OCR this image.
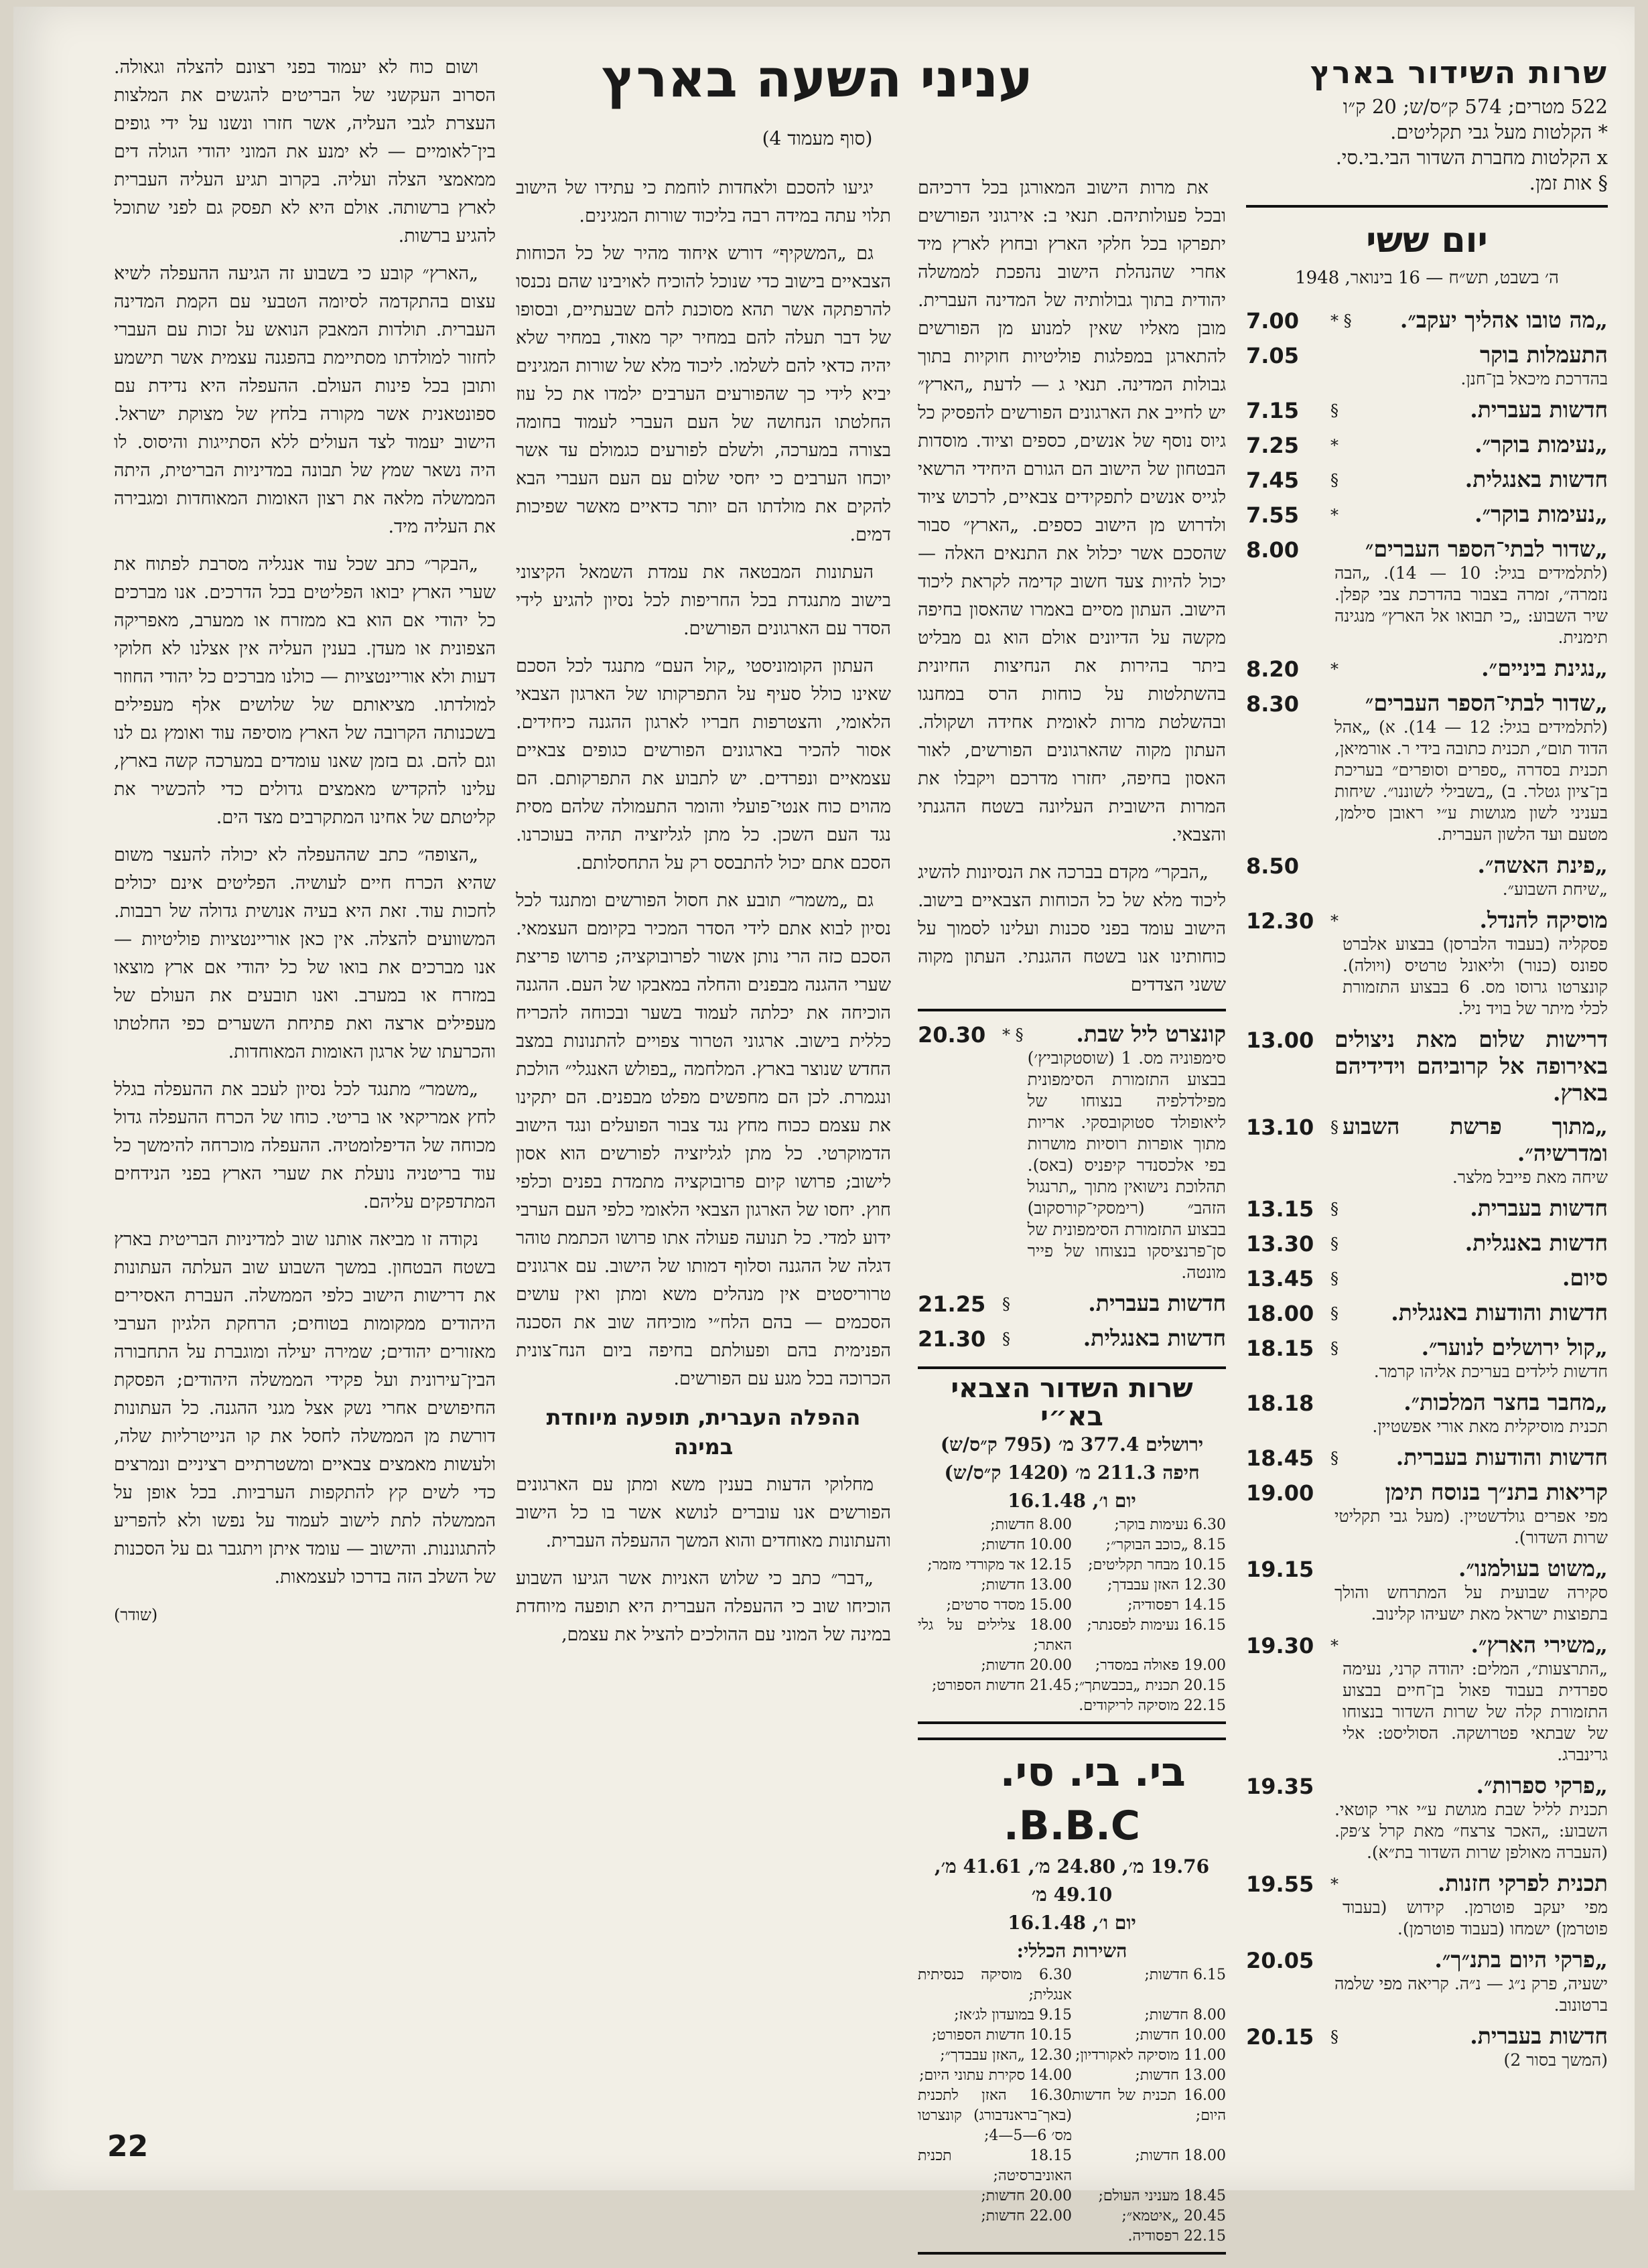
שרות השידור בארץ
522 מטרים; 574 ק״ס/ש; 20 ק״ו
* הקלטות מעל גבי תקליטים.
x הקלטות מחברת השדור הבי.בי.סי.
§ אות זמן.
יום ששי
ה׳ בשבט, תש״ח — 16 בינואר, 1948
„מה טובו אהליך יעקב״.
§ *
7.00
התעמלות בוקר
בהדרכת מיכאל בן־חנן.
7.05
חדשות בעברית.
§
7.15
„נעימות בוקר״.
*
7.25
חדשות באנגלית.
§
7.45
„נעימות בוקר״.
*
7.55
„שדור לבתי־הספר העברים״
(לתלמידים בגיל: 10 — 14). „הבה נזמרה״, זמרה בצבור בהדרכת צבי קפלן. שיר השבוע: „כי תבואו אל הארץ״ מנגינה תימנית.
8.00
„נגינת ביניים״.
*
8.20
„שדור לבתי־הספר העברים״
(לתלמידים בגיל: 12 — 14). א) „אהל הדוד תום״, תכנית כתובה בידי ר. אורמיאן, תכנית בסדרה „ספרים וסופרים״ בעריכת בן־ציון גטלר. ב) „בשבילי לשוננו״. שיחות בעניני לשון מגושות ע״י ראובן סילמן, מטעם ועד הלשון העברית.
8.30
„פינת האשה״.
„שיחת השבוע״.
8.50
מוסיקה להנדל.
פסקליה (בעבוד הלברסן) בבצוע אלברט ספונס (כנור) וליאונל טרטיס (ויולה). קונצרטו גרוסו מס. 6 בבצוע התזמורת לכלי מיתר של בויד ניל.
*
12.30
דרישות שלום מאת ניצולים באירופה אל קרוביהם וידידיהם בארץ.
13.00
„מתוך פרשת השבוע ומדרשיה״.
שיחה מאת פייבל מלצר.
§
13.10
חדשות בעברית.
§
13.15
חדשות באנגלית.
§
13.30
סיום.
§
13.45
חדשות והודעות באנגלית.
§
18.00
„קול ירושלים לנוער״.
חדשות לילדים בעריכת אליהו קרמר.
§
18.15
„מחבר בחצר המלכות״.
תכנית מוסיקלית מאת אורי אפשטיין.
18.18
חדשות והודעות בעברית.
§
18.45
קריאות בתנ״ך בנוסח תימן
מפי אפרים גולדשטיין. (מעל גבי תקליטי שרות השדור).
19.00
„משוט בעולמנו״.
סקירה שבועית על המתרחש והולך בתפוצות ישראל מאת ישעיהו קלינוב.
19.15
„משירי הארץ״.
„התרצעות״, המלים: יהודה קרני, נעימה ספרדית בעבוד פאול בן־חיים בבצוע התזמורת קלה של שרות השדור בנצוחו של שבתאי פטרושקה. הסוליסט: אלי גרינברג.
*
19.30
„פרקי ספרות״.
תכנית לליל שבת מגושת ע״י ארי קוטאי. השבוע: „האכר צרצח״ מאת קרל צ׳פק. (העברה מאולפן שרות השדור בת״א).
19.35
תכנית לפרקי חזנות.
מפי יעקב פוטרמן. קידוש (בעבוד פוטרמן) ישמחו (בעבוד פוטרמן).
*
19.55
„פרקי היום בתנ״ך״.
ישעיה, פרק נ״ג — נ״ה. קריאה מפי שלמה ברטונוב.
20.05
חדשות בעברית.
(המשך בסור 2)
§
20.15
עניני השעה בארץ
(סוף מעמוד 4)

את מרות הישוב המאורגן בכל דרכיהם ובכל פעולותיהם. תנאי ב: אירגוני הפורשים יתפרקו בכל חלקי הארץ ובחוץ לארץ מיד אחרי שהנהלת הישוב נהפכת לממשלה יהודית בתוך גבולותיה של המדינה העברית. מובן מאליו שאין למנוע מן הפורשים להתארגן במפלגות פוליטיות חוקיות בתוך גבולות המדינה. תנאי ג — לדעת „הארץ״ יש לחייב את הארגונים הפורשים להפסיק כל גיוס נוסף של אנשים, כספים וציוד. מוסדות הבטחון של הישוב הם הגורם היחידי הרשאי לגייס אנשים לתפקידים צבאיים, לרכוש ציוד ולדרוש מן הישוב כספים. „הארץ״ סבור שהסכם אשר יכלול את התנאים האלה — יכול להיות צעד חשוב קדימה לקראת ליכוד הישוב. העתון מסיים באמרו שהאסון בחיפה מקשה על הדיונים אולם הוא גם מבליט ביתר בהירות את הנחיצות החיונית בהשתלטות על כוחות הרס במחנגו ובהשלטת מרות לאומית אחידה ושקולה. העתון מקוה שהארגונים הפורשים, לאור האסון בחיפה, יחזרו מדרכם ויקבלו את המרות הישובית העליונה בשטח ההגנתי והצבאי.

„הבקר״ מקדם בברכה את הנסיונות להשיג ליכוד מלא של כל הכוחות הצבאיים בישוב. הישוב עומד בפני סכנות ועלינו לסמוך על כוחותינו אנו בשטח ההגנתי. העתון מקוה ששני הצדדים

קונצרט ליל שבת.
סימפוניה מס. 1 (שוסטקוביץ׳) בבצוע התזמורת הסימפונית מפילדלפיה בנצוחו של ליאופולד סטוקובסקי. אריות מתוך אופרות רוסיות מושרות בפי אלכסנדר קיפניס (באס). תהלוכת נישואין מתוך „תרנגול הזהב״ (רימסקי־קורסקוב) בבצוע התזמורת הסימפונית של סן־פרנציסקו בנצוחו של פייר מונטה.
§ *
20.30
חדשות בעברית.
§
21.25
חדשות באנגלית.
§
21.30
שרות השדור הצבאי בא״י
ירושלים 377.4 מ׳ (795 ק״ס/ש)
חיפה 211.3 מ׳ (1420 ק״ס/ש)
יום ו׳, 16.1.48
6.30 נעימות בוקר;
8.00 חדשות;
8.15 „כוכב הבוקר״;
10.00 חדשות;
10.15 מבחר תקליטים;
12.15 אד מקורדי מזמר;
12.30 האזן עבבדך;
13.00 חדשות;
14.15 רפסודיה;
15.00 מסדר סרטים;
16.15 נעימות לפסנתר;
18.00 צלילים על גלי האתר;
19.00 פאולה במסדר;
20.00 חדשות;
20.15 תכנית „בכבשתך״;
21.45 חדשות הספורט;
22.15 מוסיקה לריקודים.
בי. בי. סי.    B.B.C.
19.76 מ׳, 24.80 מ׳, 41.61 מ׳, 49.10 מ׳
יום ו׳, 16.1.48
השירות הכללי:
6.15 חדשות;
6.30 מוסיקה כנסיתית אנגלית;
8.00 חדשות;
9.15 במועדון לג׳אז;
10.00 חדשות;
10.15 חדשות הספורט;
11.00 מוסיקה לאקורדיון;
12.30 „האזן עבבדך״;
13.00 חדשות;
14.00 סקירת עתוני היום;
16.00 תכנית של חדשות היום;
16.30 האזן לתכנית (באך־בראנדבורג) קונצרטו מס׳ 6—5—4;
18.00 חדשות;
18.15 תכנית האוניברסיטה;
18.45 מעניני העולם;
20.00 חדשות;
20.45 „איטמא״;
22.00 חדשות;
22.15 רפסודיה.

יגיעו להסכם ולאחדות לוחמת כי עתידו של הישוב תלוי עתה במידה רבה בליכוד שורות המגינים.

גם „המשקיף״ דורש איחוד מהיר של כל הכוחות הצבאיים בישוב כדי שנוכל להוכיח לאויבינו שהם נכנסו להרפתקה אשר תהא מסוכנת להם שבעתיים, ובסופו של דבר תעלה להם במחיר יקר מאוד, במחיר שלא יהיה כדאי להם לשלמו. ליכוד מלא של שורות המגינים יביא לידי כך שהפורעים הערבים ילמדו את כל עוז החלטתו הנחושה של העם העברי לעמוד בחומה בצורה במערכה, ולשלם לפורעים כגמולם עד אשר יוכחו הערבים כי יחסי שלום עם העם העברי הבא להקים את מולדתו הם יותר כדאיים מאשר שפיכות דמים.

העתונות המבטאה את עמדת השמאל הקיצוני בישוב מתנגדת בכל החריפות לכל נסיון להגיע לידי הסדר עם הארגונים הפורשים.

העתון הקומוניסטי „קול העם״ מתנגד לכל הסכם שאינו כולל סעיף על התפרקותו של הארגון הצבאי הלאומי, והצטרפות חבריו לארגון ההגנה כיחידים. אסור להכיר בארגונים הפורשים כגופים צבאיים עצמאיים ונפרדים. יש לתבוע את התפרקותם. הם מהוים כוח אנטי־פועלי והומר התעמולה שלהם מסית נגד העם השכן. כל מתן לגליזציה תהיה בעוכרנו. הסכם אתם יכול להתבסס רק על התחסלותם.

גם „משמר״ תובע את חסול הפורשים ומתנגד לכל נסיון לבוא אתם לידי הסדר המכיר בקיומם העצמאי. הסכם כזה הרי נותן אשור לפרובוקציה; פרושו פריצת שערי ההגנה מבפנים והחלה במאבקו של העם. ההגנה הוכיחה את יכלתה לעמוד בשער ובכוחה להכריח כללית בישוב. ארגוני הטרור צפויים להתנונות במצב החדש שנוצר בארץ. המלחמה „בפולש האנגלי״ הולכת ונגמרת. לכן הם מחפשים מפלט מבפנים. הם יתקינו את עצמם ככוח מחץ נגד צבור הפועלים ונגד הישוב הדמוקרטי. כל מתן לגליזציה לפורשים הוא אסון לישוב; פרושו קיום פרובוקציה מתמדת בפנים וכלפי חוץ. יחסו של הארגון הצבאי הלאומי כלפי העם הערבי ידוע למדי. כל תנועה פעולה אתו פרושו הכתמת טוהר דגלה של ההגנה וסלוף דמותו של הישוב. עם ארגונים טרוריסטים אין מנהלים משא ומתן ואין עושים הסכמים — בהם הלח״י מוכיחה שוב את הסכנה הפנימית בהם ופעולתם בחיפה ביום הנח־צונית הכרוכה בכל מגע עם הפורשים.

ההפלה העברית, תופעה מיוחדת במינה

מחלוקי הדעות בענין משא ומתן עם הארגונים הפורשים אנו עוברים לנושא אשר בו כל הישוב והעתונות מאוחדים והוא המשך ההעפלה העברית.

„דבר״ כתב כי שלוש האניות אשר הגיעו השבוע הוכיחו שוב כי ההעפלה העברית היא תופעה מיוחדת במינה של המוני עם ההולכים להציל את עצמם,

ושום כוח לא יעמוד בפני רצונם להצלה וגאולה. הסרוב העקשני של הבריטים להגשים את המלצות העצרת לגבי העליה, אשר חזרו ונשנו על ידי גופים בין־לאומיים — לא ימנע את המוני יהודי הגולה דים ממאמצי הצלה ועליה. בקרוב תגיע העליה העברית לארץ ברשותה. אולם היא לא תפסק גם לפני שתוכל להגיע ברשות.

„הארץ״ קובע כי בשבוע זה הגיעה ההעפלה לשיא עצום בהתקדמה לסיומה הטבעי עם הקמת המדינה העברית. תולדות המאבק הנואש על זכות עם העברי לחזור למולדתו מסתיימת בהפגנה עצמית אשר תישמע ותובן בכל פינות העולם. ההעפלה היא נדידת עם ספונטאנית אשר מקורה בלחץ של מצוקת ישראל. הישוב יעמוד לצד העולים ללא הסתייגות והיסוס. לו היה נשאר שמץ של תבונה במדיניות הבריטית, היתה הממשלה מלאה את רצון האומות המאוחדות ומגבירה את העליה מיד.

„הבקר״ כתב שכל עוד אנגליה מסרבת לפתוח את שערי הארץ יבואו הפליטים בכל הדרכים. אנו מברכים כל יהודי אם הוא בא ממזרח או ממערב, מאפריקה הצפונית או מעדן. בענין העליה אין אצלנו לא חלוקי דעות ולא אוריינטציות — כולנו מברכים כל יהודי החוזר למולדתו. מציאותם של שלושים אלף מעפילים בשכנותה הקרובה של הארץ מוסיפה עוד ואומץ גם לנו וגם להם. גם בזמן שאנו עומדים במערכה קשה בארץ, עלינו להקדיש מאמצים גדולים כדי להכשיר את קליטתם של אחינו המתקרבים מצד הים.

„הצופה״ כתב שההעפלה לא יכולה להעצר משום שהיא הכרח חיים לעושיה. הפליטים אינם יכולים לחכות עוד. זאת היא בעיה אנושית גדולה של רבבות. המשוועים להצלה. אין כאן אוריינטציות פוליטיות — אנו מברכים את בואו של כל יהודי אם ארץ מוצאו במזרח או במערב. ואנו תובעים את העולם של מעפילים ארצה ואת פתיחת השערים כפי החלטתו והכרעתו של ארגון האומות המאוחדות.

„משמר״ מתנגד לכל נסיון לעכב את ההעפלה בגלל לחץ אמריקאי או בריטי. כוחו של הכרח ההעפלה גדול מכוחה של הדיפלומטיה. ההעפלה מוכרחה להימשך כל עוד בריטניה נועלת את שערי הארץ בפני הנידחים המתדפקים עליהם.

נקודה זו מביאה אותנו שוב למדיניות הבריטית בארץ בשטח הבטחון. במשך השבוע שוב העלתה העתונות את דרישות הישוב כלפי הממשלה. העברת האסירים היהודים ממקומות בטוחים; הרחקת הלגיון הערבי מאזורים יהודים; שמירה יעילה ומוגברת על התחבורה הבין־עירונית ועל פקידי הממשלה היהודים; הפסקת החיפושים אחרי נשק אצל מגני ההגנה. כל העתונות דורשת מן הממשלה לחסל את קו הנייטרליות שלה, ולעשות מאמצים צבאיים ומשטרתיים רציניים ונמרצים כדי לשים קץ להתקפות הערביות. בכל אופן על הממשלה לתת לישוב לעמוד על נפשו ולא להפריע להתגוננות. והישוב — עומד איתן ויתגבר גם על הסכנות של השלב הזה בדרכו לעצמאות.

(שודר)
22
